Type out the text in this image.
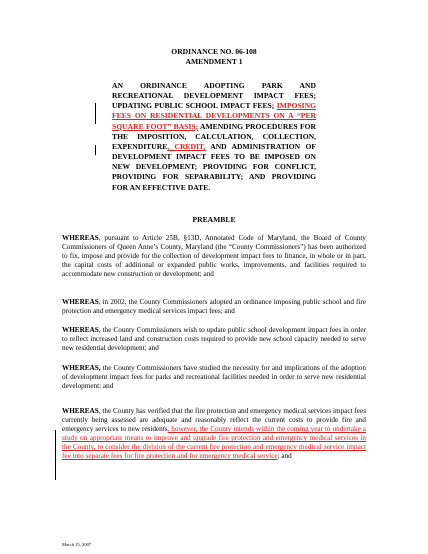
ORDINANCE NO. 06-108
AMENDMENT 1
AN ORDINANCE ADOPTING PARK AND RECREATIONAL DEVELOPMENT IMPACT FEES; UPDATING PUBLIC SCHOOL IMPACT FEES; IMPOSING FEES ON RESIDENTIAL DEVELOPMENTS ON A “PER SQUARE FOOT” BASIS; AMENDING PROCEDURES FOR THE IMPOSITION, CALCULATION, COLLECTION, EXPENDITURE, CREDIT, AND ADMINISTRATION OF DEVELOPMENT IMPACT FEES TO BE IMPOSED ON NEW DEVELOPMENT; PROVIDING FOR CONFLICT, PROVIDING FOR SEPARABILITY; AND PROVIDING FOR AN EFFECTIVE DATE.
PREAMBLE
WHEREAS, pursuant to Article 25B, §13D, Annotated Code of Maryland, the Board of County Commissioners of Queen Anne’s County, Maryland (the “County Commissioners”) has been authorized to fix, impose and provide for the collection of development impact fees to finance, in whole or in part, the capital costs of additional or expanded public works, improvements, and facilities required to accommodate new construction or development; and
WHEREAS, in 2002, the County Commissioners adopted an ordinance imposing public school and fire protection and emergency medical services impact fees; and
WHEREAS, the County Commissioners wish to update public school development impact fees in order to reflect increased land and construction costs required to provide new school capacity needed to serve new residential development; and
WHEREAS, the County Commissioners have studied the necessity for and implications of the adoption of development impact fees for parks and recreational facilities needed in order to serve new residential development; and
WHEREAS, the County has verified that the fire protection and emergency medical services impact fees currently being assessed are adequate and reasonably reflect the current costs to provide fire and emergency services to new residents, however, the County intends within the coming year to undertake a study on appropriate means to improve and upgrade fire protection and emergency medical services in the County, to consider the division of the current fire protection and emergency medical service impact fee into separate fees for fire protection and for emergency medical service; and
March 15, 2007
